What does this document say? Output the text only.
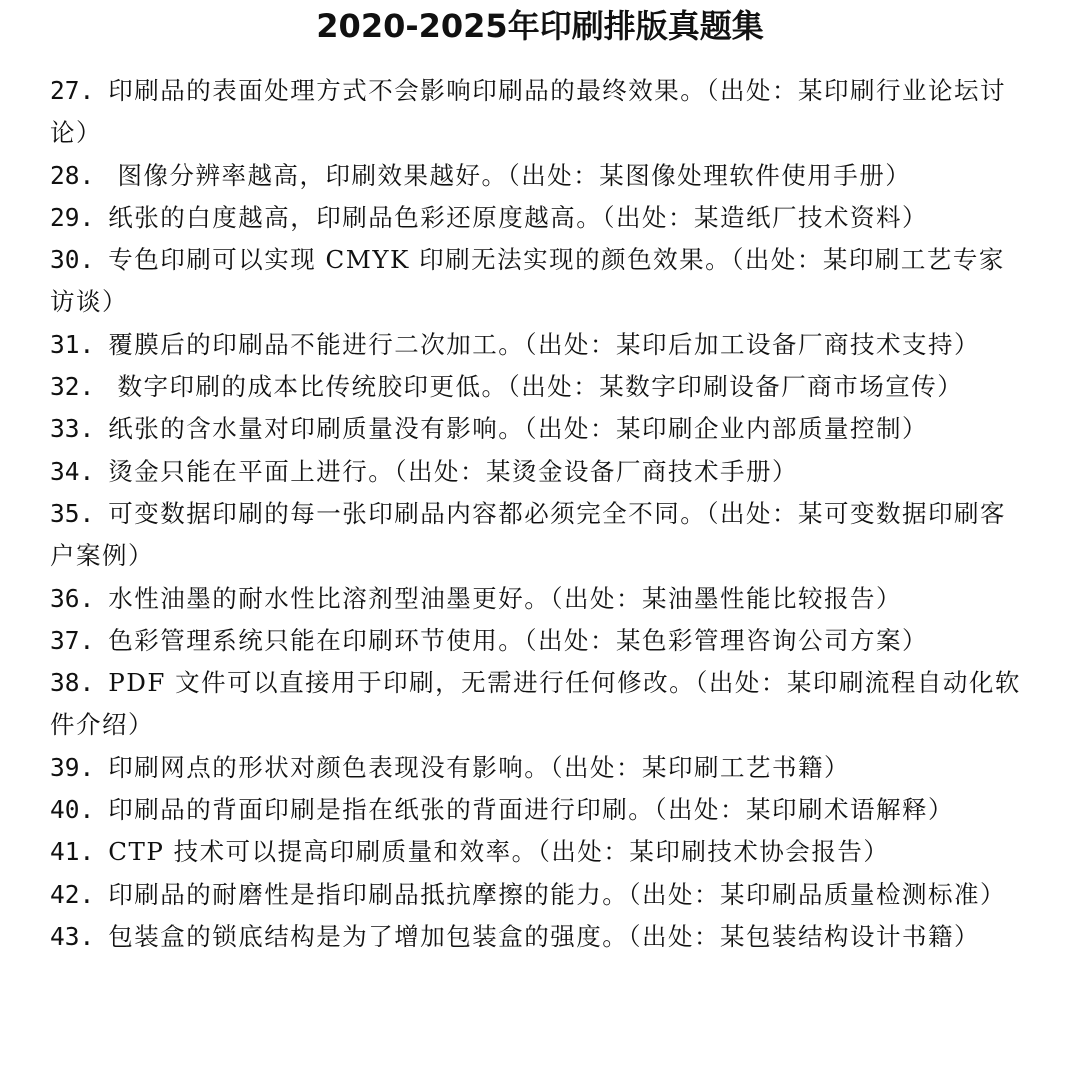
2020-2025年印刷排版真题集
27. 印刷品的表面处理方式不会影响印刷品的最终效果。（出处：某印刷行业论坛讨论）
28. 图像分辨率越高，印刷效果越好。（出处：某图像处理软件使用手册）
29. 纸张的白度越高，印刷品色彩还原度越高。（出处：某造纸厂技术资料）
30. 专色印刷可以实现 CMYK 印刷无法实现的颜色效果。（出处：某印刷工艺专家访谈）
31. 覆膜后的印刷品不能进行二次加工。（出处：某印后加工设备厂商技术支持）
32. 数字印刷的成本比传统胶印更低。（出处：某数字印刷设备厂商市场宣传）
33. 纸张的含水量对印刷质量没有影响。（出处：某印刷企业内部质量控制）
34. 烫金只能在平面上进行。（出处：某烫金设备厂商技术手册）
35. 可变数据印刷的每一张印刷品内容都必须完全不同。（出处：某可变数据印刷客户案例）
36. 水性油墨的耐水性比溶剂型油墨更好。（出处：某油墨性能比较报告）
37. 色彩管理系统只能在印刷环节使用。（出处：某色彩管理咨询公司方案）
38. PDF 文件可以直接用于印刷，无需进行任何修改。（出处：某印刷流程自动化软件介绍）
39. 印刷网点的形状对颜色表现没有影响。（出处：某印刷工艺书籍）
40. 印刷品的背面印刷是指在纸张的背面进行印刷。（出处：某印刷术语解释）
41. CTP 技术可以提高印刷质量和效率。（出处：某印刷技术协会报告）
42. 印刷品的耐磨性是指印刷品抵抗摩擦的能力。（出处：某印刷品质量检测标准）
43. 包装盒的锁底结构是为了增加包装盒的强度。（出处：某包装结构设计书籍）
